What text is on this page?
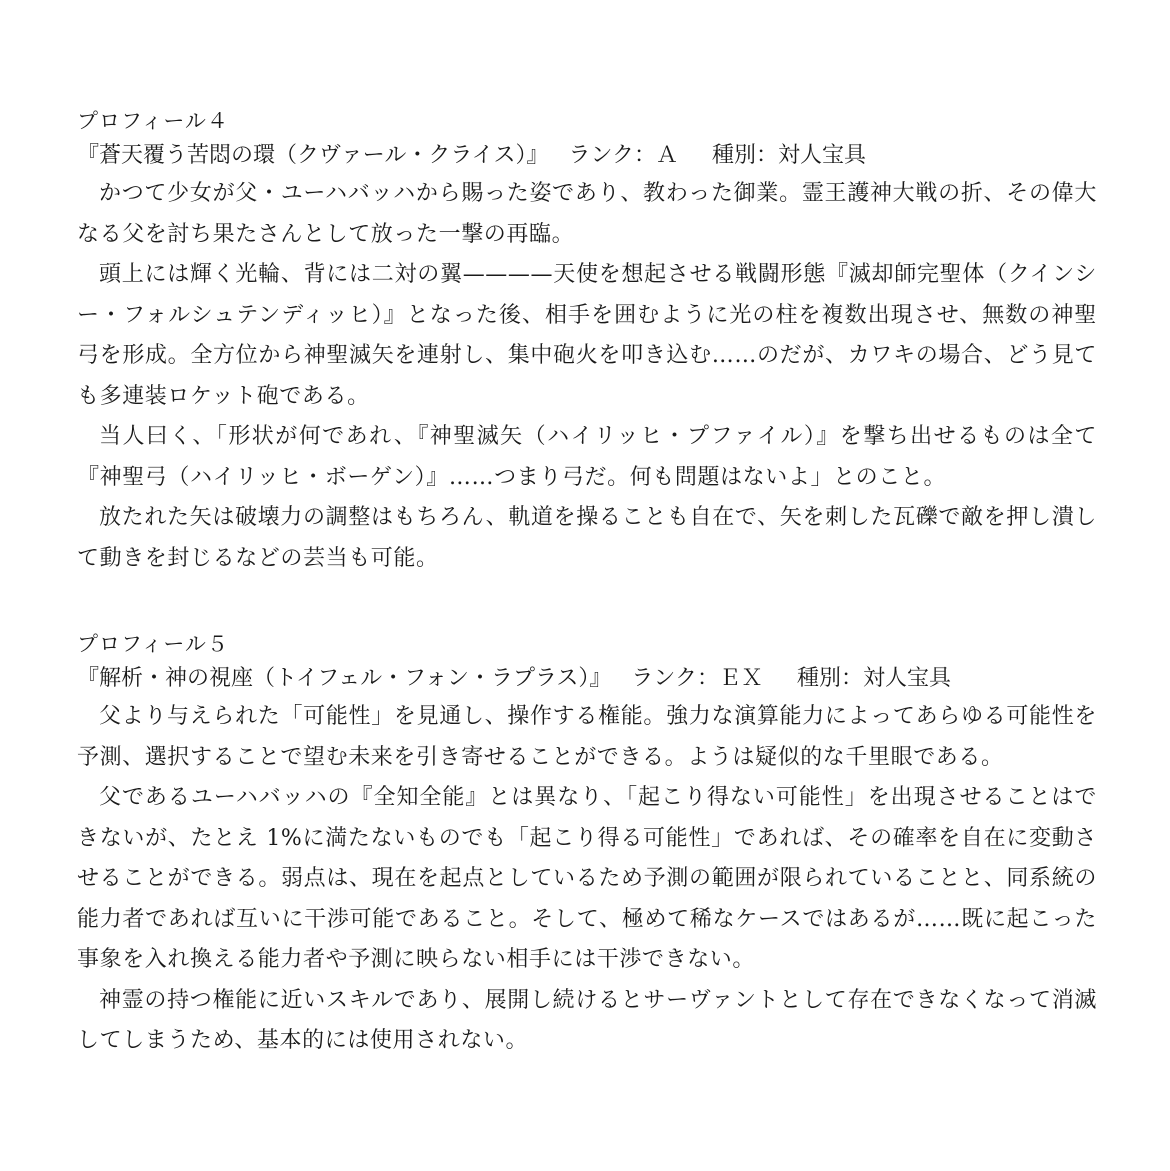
プロフィール４

『蒼天覆う苦悶の環（クヴァール・クライス）』 ランク：Ａ 種別：対人宝具

かつて少女が父・ユーハバッハから賜った姿であり、教わった御業。霊王護神大戦の折、その偉大なる父を討ち果たさんとして放った一撃の再臨。

頭上には輝く光輪、背には二対の翼————天使を想起させる戦闘形態『滅却師完聖体（クインシー・フォルシュテンディッヒ）』となった後、相手を囲むように光の柱を複数出現させ、無数の神聖弓を形成。全方位から神聖滅矢を連射し、集中砲火を叩き込む……のだが、カワキの場合、どう見ても多連装ロケット砲である。

当人曰く、「形状が何であれ、『神聖滅矢（ハイリッヒ・プファイル）』を撃ち出せるものは全て『神聖弓（ハイリッヒ・ボーゲン）』……つまり弓だ。何も問題はないよ」とのこと。

放たれた矢は破壊力の調整はもちろん、軌道を操ることも自在で、矢を刺した瓦礫で敵を押し潰して動きを封じるなどの芸当も可能。

プロフィール５

『解析・神の視座（トイフェル・フォン・ラプラス）』 ランク：ＥＸ 種別：対人宝具

父より与えられた「可能性」を見通し、操作する権能。強力な演算能力によってあらゆる可能性を予測、選択することで望む未来を引き寄せることができる。ようは疑似的な千里眼である。

父であるユーハバッハの『全知全能』とは異なり、「起こり得ない可能性」を出現させることはできないが、たとえ 1%に満たないものでも「起こり得る可能性」であれば、その確率を自在に変動させることができる。弱点は、現在を起点としているため予測の範囲が限られていることと、同系統の能力者であれば互いに干渉可能であること。そして、極めて稀なケースではあるが……既に起こった事象を入れ換える能力者や予測に映らない相手には干渉できない。

神霊の持つ権能に近いスキルであり、展開し続けるとサーヴァントとして存在できなくなって消滅してしまうため、基本的には使用されない。
